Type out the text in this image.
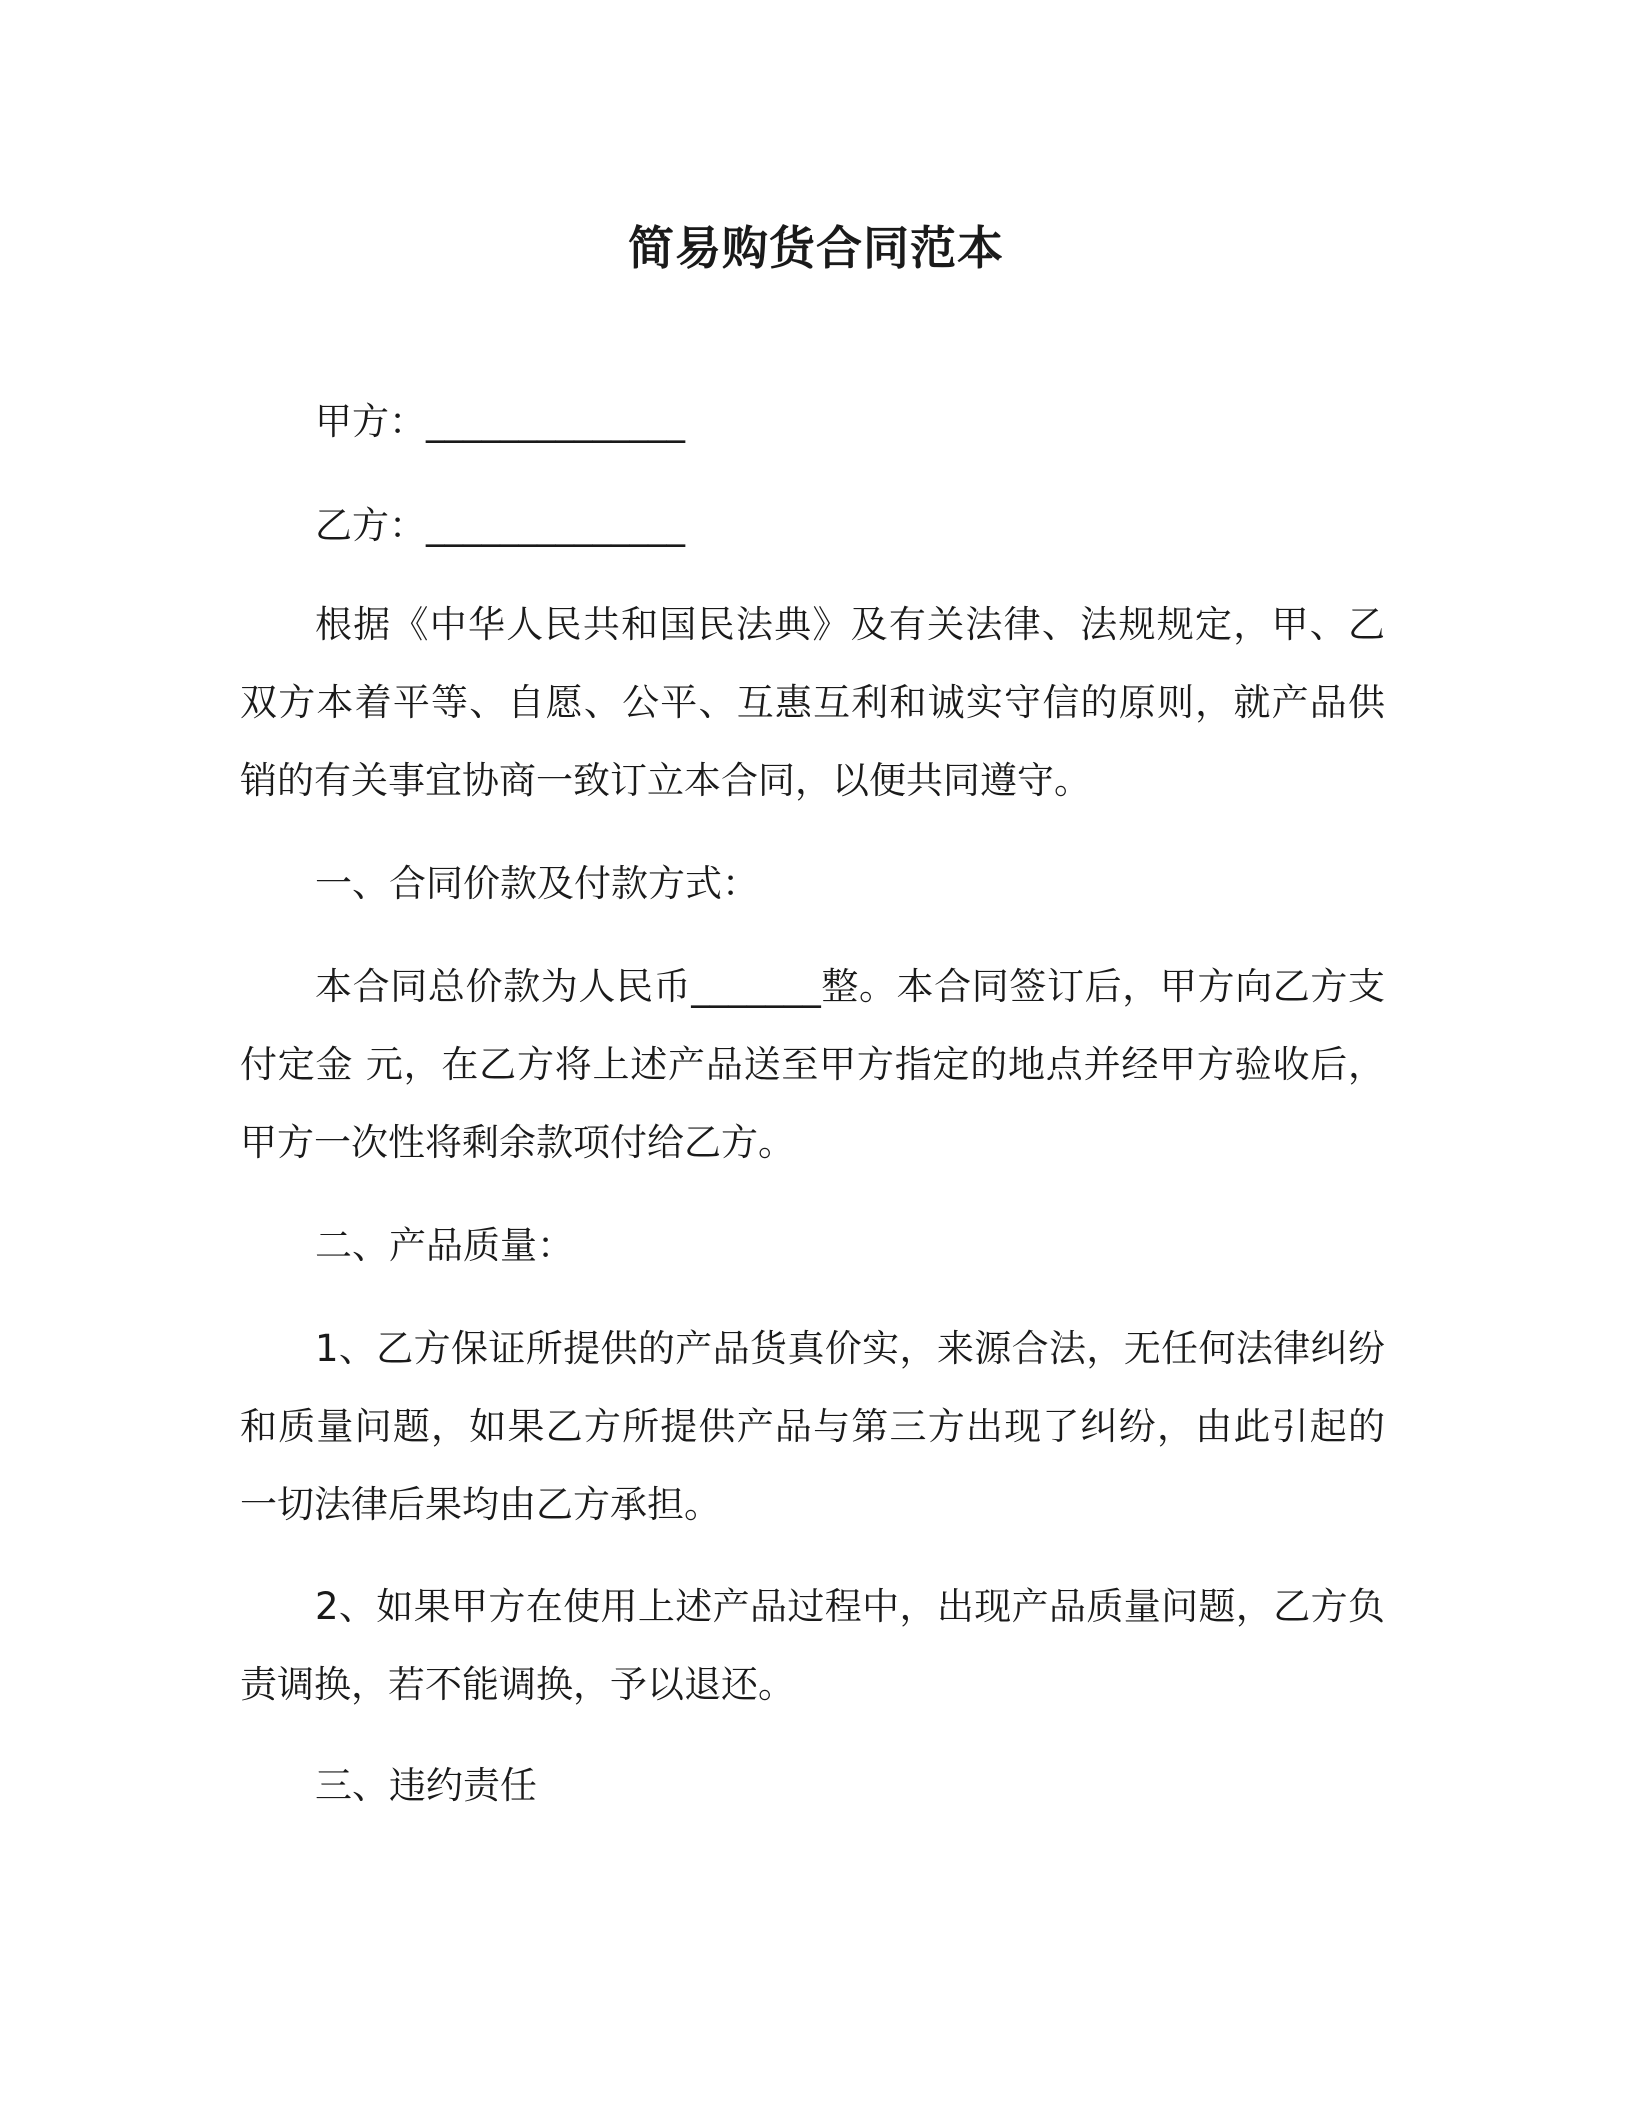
简易购货合同范本
甲方：______________
乙方：______________
根据《中华人民共和国民法典》及有关法律、法规规定，甲、乙双方本着平等、自愿、公平、互惠互利和诚实守信的原则，就产品供销的有关事宜协商一致订立本合同，以便共同遵守。
一、合同价款及付款方式：
本合同总价款为人民币_______整。本合同签订后，甲方向乙方支付定金 元，在乙方将上述产品送至甲方指定的地点并经甲方验收后，甲方一次性将剩余款项付给乙方。
二、产品质量：
1、乙方保证所提供的产品货真价实，来源合法，无任何法律纠纷和质量问题，如果乙方所提供产品与第三方出现了纠纷，由此引起的一切法律后果均由乙方承担。
2、如果甲方在使用上述产品过程中，出现产品质量问题，乙方负责调换，若不能调换，予以退还。
三、违约责任
